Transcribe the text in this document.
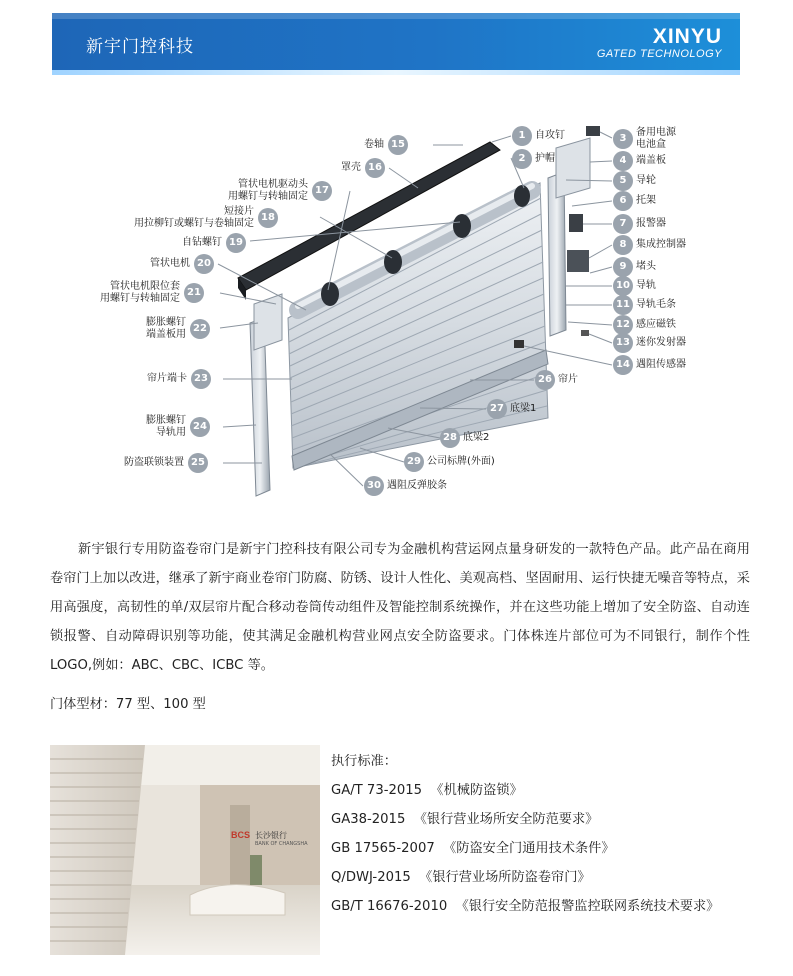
新宇门控科技	XINYU
GATED TECHNOLOGY
卷轴 15
罩壳 16
管状电机驱动头
用螺钉与转轴固定
17
短接片
用拉柳钉或螺钉与卷轴固定
18
自钻螺钉 19
管状电机 20
管状电机限位套
用螺钉与转轴固定
21
膨胀螺钉
端盖板用
22
帘片端卡 23
膨胀螺钉
导轨用
24
防盗联锁装置 25
1 自攻钉
2 护帽
3
备用电源
电池盒
4 端盖板
5 导轮
6 托架
7 报警器
8 集成控制器
9 堵头
10 导轨
11 导轨毛条
12 感应磁铁
13 迷你发射器
14 遇阻传感器
26 帘片
27 底梁1
28 底梁2
29 公司标牌(外面)
30 遇阻反弹胶条

新宇银行专用防盗卷帘门是新宇门控科技有限公司专为金融机构营运网点量身研发的一款特色产品。此产品在商用卷帘门上加以改进，继承了新宇商业卷帘门防腐、防锈、设计人性化、美观高档、坚固耐用、运行快捷无噪音等特点，采用高强度，高韧性的单/双层帘片配合移动卷筒传动组件及智能控制系统操作，并在这些功能上增加了安全防盗、自动连锁报警、自动障碍识别等功能，使其满足金融机构营业网点安全防盗要求。门体株连片部位可为不同银行，制作个性 LOGO,例如：ABC、CBC、ICBC 等。

门体型材：77 型、100 型
BCS 长沙银行
BANK OF CHANGSHA
执行标准：
GA/T 73-2015 《机械防盗锁》
GA38-2015 《银行营业场所安全防范要求》
GB 17565-2007 《防盗安全门通用技术条件》
Q/DWJ-2015 《银行营业场所防盗卷帘门》
GB/T 16676-2010 《银行安全防范报警监控联网系统技术要求》
